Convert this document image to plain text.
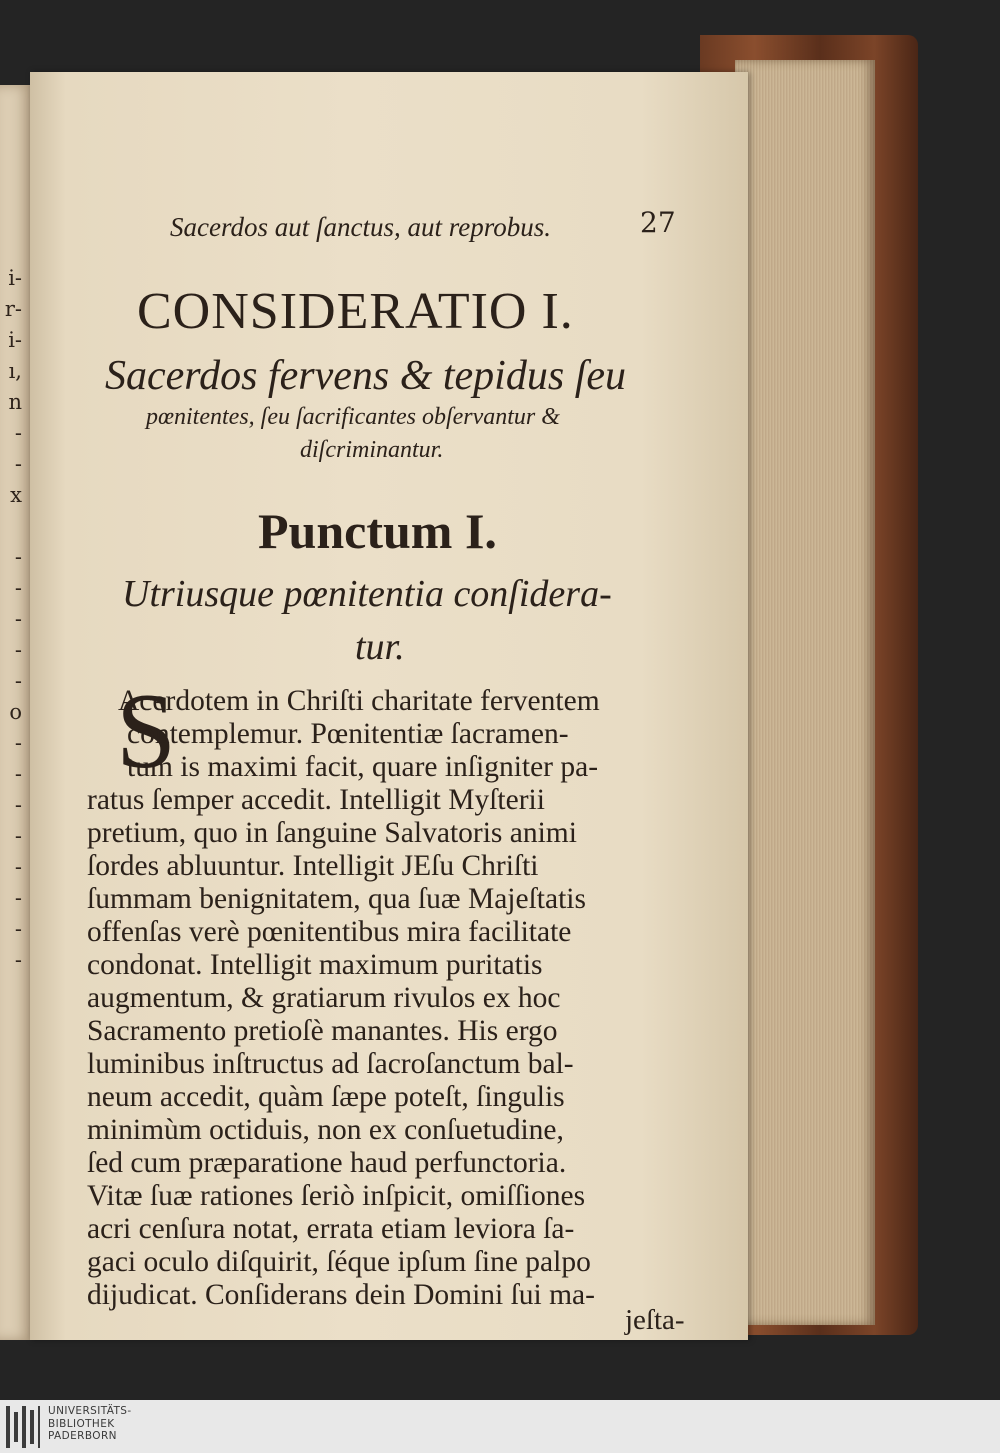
i-
r-
i-
ı,
n
-
-
x

-
-
-
-
-
o
-
-
-
-
-
-
-
-
Sacerdos aut ſanctus, aut reprobus.	27
CONSIDERATIO I.
Sacerdos fervens & tepidus ſeu
pœnitentes, ſeu ſacrificantes obſervantur &
diſcriminantur.
Punctum I.
Utriusque pœnitentia conſidera-
tur.
S
Acerdotem in Chriſti charitate ferventem
contemplemur. Pœnitentiæ ſacramen-
tum is maximi facit, quare inſigniter pa-
ratus ſemper accedit. Intelligit Myſterii
pretium, quo in ſanguine Salvatoris animi
ſordes abluuntur. Intelligit JEſu Chriſti
ſummam benignitatem, qua ſuæ Majeſtatis
offenſas verè pœnitentibus mira facilitate
condonat. Intelligit maximum puritatis
augmentum, & gratiarum rivulos ex hoc
Sacramento pretioſè manantes. His ergo
luminibus inſtructus ad ſacroſanctum bal-
neum accedit, quàm ſæpe poteſt, ſingulis
minimùm octiduis, non ex conſuetudine,
ſed cum præparatione haud perfunctoria.
Vitæ ſuæ rationes ſeriò inſpicit, omiſſiones
acri cenſura notat, errata etiam leviora ſa-
gaci oculo diſquirit, ſéque ipſum ſine palpo
dijudicat. Conſiderans dein Domini ſui ma-
jeſta-
UNIVERSITÄTS-
BIBLIOTHEK
PADERBORN
